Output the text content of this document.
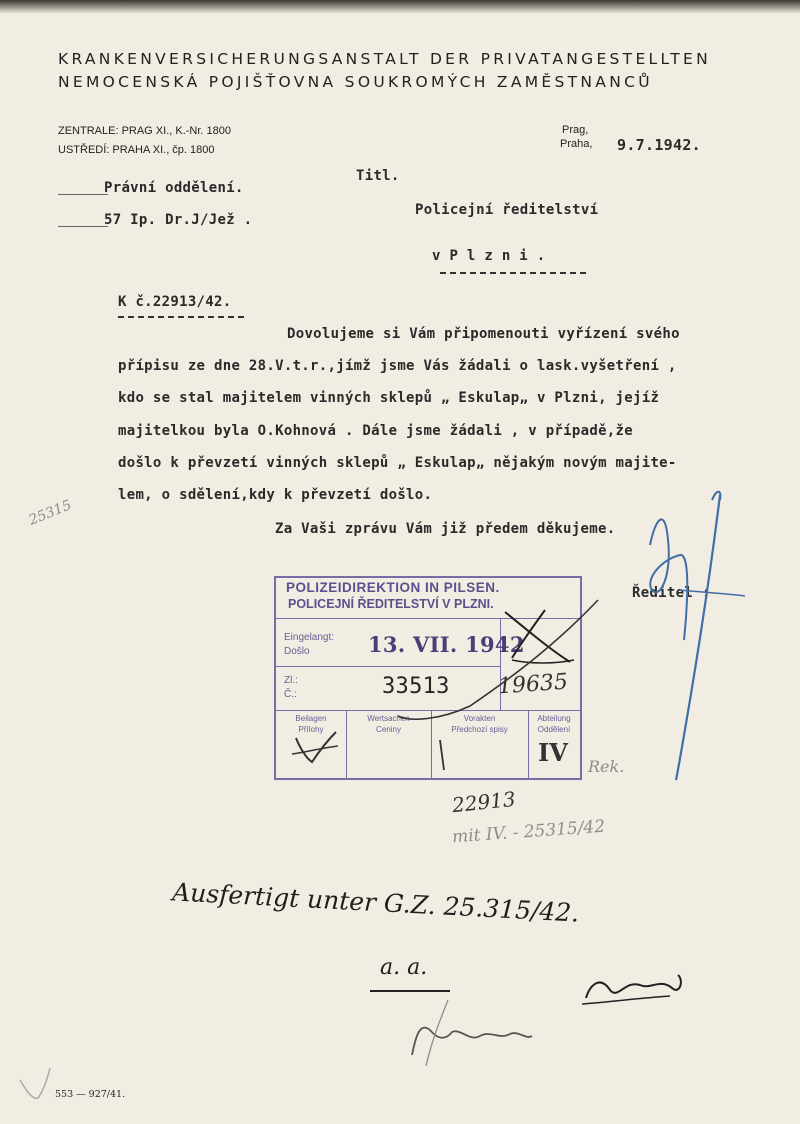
KRANKENVERSICHERUNGSANSTALT DER PRIVATANGESTELLTEN
NEMOCENSKÁ POJIŠŤOVNA SOUKROMÝCH ZAMĚSTNANCŮ
ZENTRALE: PRAG XI., K.-Nr. 1800
USTŘEDÍ: PRAHA XI., čp. 1800
Prag,
Praha, 9.7.1942.
Právní oddělení.
57 Ip. Dr.J/Jež .
Titl.
Policejní ředitelství
v P l z n i .
K č.22913/42.
Dovolujeme si Vám připomenouti vyřízení svého
přípisu ze dne 28.V.t.r.,jímž jsme Vás žádali o lask.vyšetření ,
kdo se stal majitelem vinných sklepů „ Eskulap„ v Plzni, jejíž
majitelkou byla O.Kohnová . Dále jsme žádali , v případě,že
došlo k převzetí vinných sklepů „ Eskulap„ nějakým novým majite-
lem, o sdělení,kdy k převzetí došlo.
Za Vaši zprávu Vám již předem děkujeme.
Ředitel :
25315
POLIZEIDIREKTION IN PILSEN.
POLICEJNÍ ŘEDITELSTVÍ V PLZNI.
Eingelangt:
Došlo	13. VII. 1942
Zl.:
Č.:	33513 19635
Beilagen
Přílohy
Wertsachen
Ceniny
Vorakten
Předchozí spisy
Abteilung
Oddělení
IV Rek.
22913
mit IV. - 25315/42
Ausfertigt unter G.Z. 25.315/42.
a. a.
553 — 927/41.
